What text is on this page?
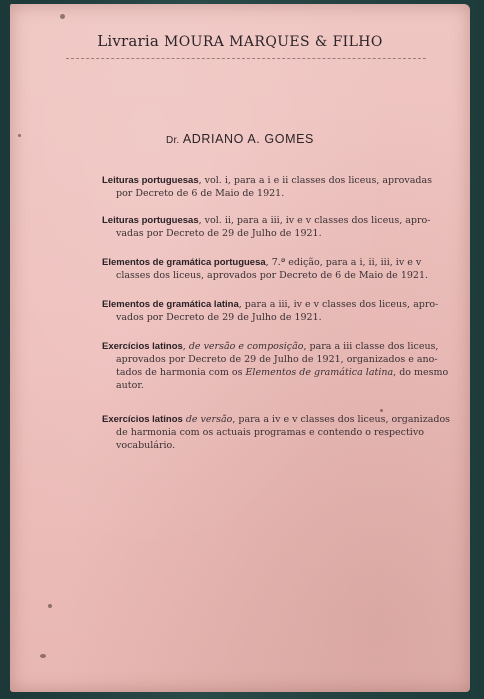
Livraria MOURA MARQUES & FILHO
Dr. ADRIANO A. GOMES
Leituras portuguesas, vol. i, para a i e ii classes dos liceus, aprovadas
por Decreto de 6 de Maio de 1921.
Leituras portuguesas, vol. ii, para a iii, iv e v classes dos liceus, apro-
vadas por Decreto de 29 de Julho de 1921.
Elementos de gramática portuguesa, 7.ª edição, para a i, ii, iii, iv e v
classes dos liceus, aprovados por Decreto de 6 de Maio de 1921.
Elementos de gramática latina, para a iii, iv e v classes dos liceus, apro-
vados por Decreto de 29 de Julho de 1921.
Exercícios latinos, de versão e composição, para a iii classe dos liceus,
aprovados por Decreto de 29 de Julho de 1921, organizados e ano-
tados de harmonia com os Elementos de gramática latina, do mesmo
autor.
Exercícios latinos de versão, para a iv e v classes dos liceus, organizados
de harmonia com os actuais programas e contendo o respectivo
vocabulário.
